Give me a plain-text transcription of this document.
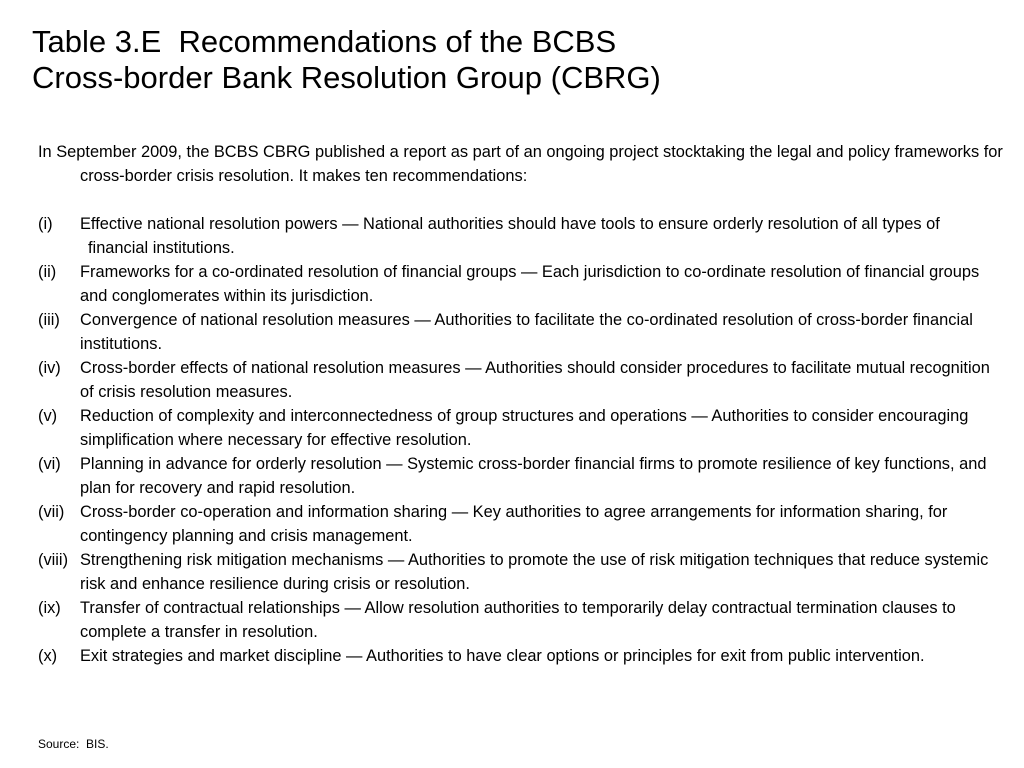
Table 3.E  Recommendations of the BCBS
Cross-border Bank Resolution Group (CBRG)
In September 2009, the BCBS CBRG published a report as part of an ongoing project stocktaking the legal and policy frameworks for cross-border crisis resolution. It makes ten recommendations:
(i)	Effective national resolution powers — National authorities should have tools to ensure orderly resolution of all types of
financial institutions.
(ii)	Frameworks for a co-ordinated resolution of financial groups — Each jurisdiction to co-ordinate resolution of financial groups and conglomerates within its jurisdiction.
(iii)	Convergence of national resolution measures — Authorities to facilitate the co-ordinated resolution of cross-border financial institutions.
(iv)	Cross-border effects of national resolution measures — Authorities should consider procedures to facilitate mutual recognition of crisis resolution measures.
(v)	Reduction of complexity and interconnectedness of group structures and operations — Authorities to consider encouraging simplification where necessary for effective resolution.
(vi)	Planning in advance for orderly resolution — Systemic cross-border financial firms to promote resilience of key functions, and plan for recovery and rapid resolution.
(vii) Cross-border co-operation and information sharing — Key authorities to agree arrangements for information sharing, for contingency planning and crisis management.
(viii) Strengthening risk mitigation mechanisms — Authorities to promote the use of risk mitigation techniques that reduce systemic risk and enhance resilience during crisis or resolution.
(ix)	Transfer of contractual relationships — Allow resolution authorities to temporarily delay contractual termination clauses to complete a transfer in resolution.
(x)	Exit strategies and market discipline — Authorities to have clear options or principles for exit from public intervention.
Source:  BIS.
